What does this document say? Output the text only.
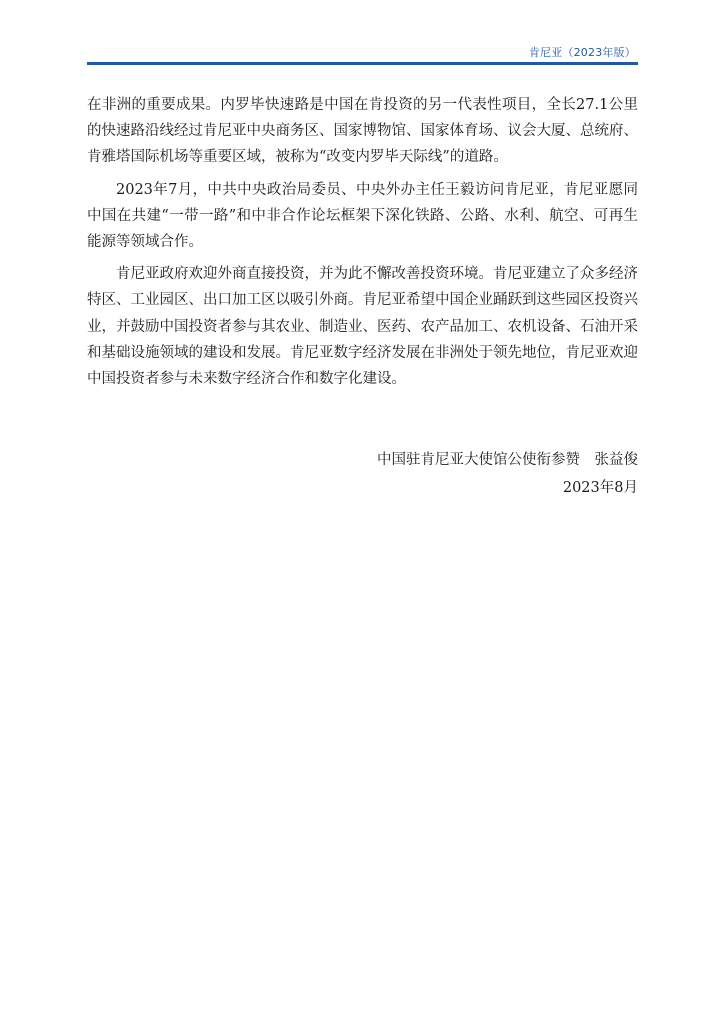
肯尼亚（2023年版）

在非洲的重要成果。内罗毕快速路是中国在肯投资的另一代表性项目，全长27.1公里的快速路沿线经过肯尼亚中央商务区、国家博物馆、国家体育场、议会大厦、总统府、肯雅塔国际机场等重要区域，被称为“改变内罗毕天际线”的道路。

2023年7月，中共中央政治局委员、中央外办主任王毅访问肯尼亚，肯尼亚愿同中国在共建“一带一路”和中非合作论坛框架下深化铁路、公路、水利、航空、可再生能源等领域合作。

肯尼亚政府欢迎外商直接投资，并为此不懈改善投资环境。肯尼亚建立了众多经济特区、工业园区、出口加工区以吸引外商。肯尼亚希望中国企业踊跃到这些园区投资兴业，并鼓励中国投资者参与其农业、制造业、医药、农产品加工、农机设备、石油开采和基础设施领域的建设和发展。肯尼亚数字经济发展在非洲处于领先地位，肯尼亚欢迎中国投资者参与未来数字经济合作和数字化建设。

中国驻肯尼亚大使馆公使衔参赞　张益俊
2023年8月
